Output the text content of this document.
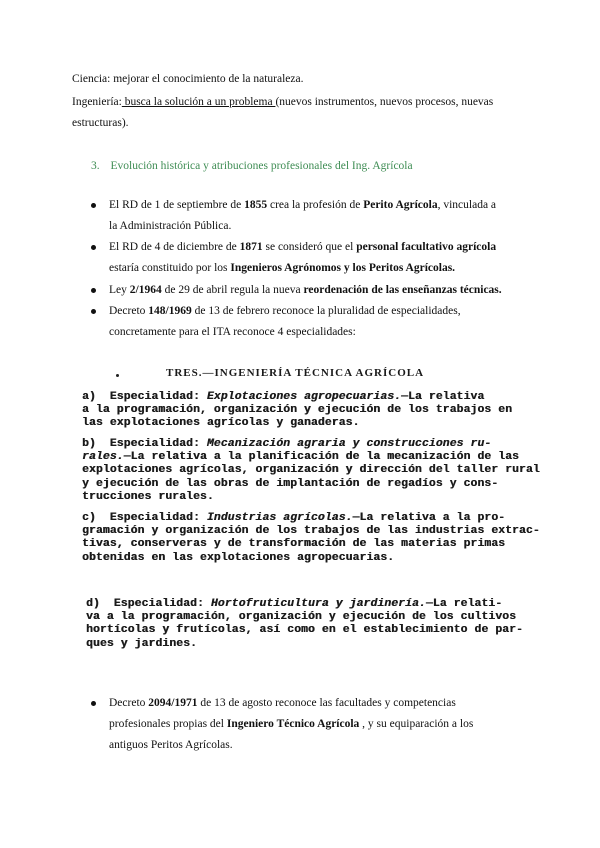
Ciencia: mejorar el conocimiento de la naturaleza.
Ingeniería: busca la solución a un problema (nuevos instrumentos, nuevos procesos, nuevas
estructuras).
3. Evolución histórica y atribuciones profesionales del Ing. Agrícola
El RD de 1 de septiembre de 1855 crea la profesión de Perito Agrícola, vinculada a
la Administración Pública.
El RD de 4 de diciembre de 1871 se consideró que el personal facultativo agrícola
estaría constituido por los Ingenieros Agrónomos y los Peritos Agrícolas.
Ley 2/1964 de 29 de abril regula la nueva reordenación de las enseñanzas técnicas.
Decreto 148/1969 de 13 de febrero reconoce la pluralidad de especialidades,
concretamente para el ITA reconoce 4 especialidades:
TRES.—INGENIERÍA TÉCNICA AGRÍCOLA
a)  Especialidad: Explotaciones agropecuarias.—La relativa
a la programación, organización y ejecución de los trabajos en
las explotaciones agrícolas y ganaderas.
b)  Especialidad: Mecanización agraria y construcciones ru-
rales.—La relativa a la planificación de la mecanización de las
explotaciones agrícolas, organización y dirección del taller rural
y ejecución de las obras de implantación de regadíos y cons-
trucciones rurales.
c)  Especialidad: Industrias agrícolas.—La relativa a la pro-
gramación y organización de los trabajos de las industrias extrac-
tivas, conserveras y de transformación de las materias primas
obtenidas en las explotaciones agropecuarias.
d)  Especialidad: Hortofruticultura y jardinería.—La relati-
va a la programación, organización y ejecución de los cultivos
hortícolas y frutícolas, así como en el establecimiento de par-
ques y jardines.
Decreto 2094/1971 de 13 de agosto reconoce las facultades y competencias
profesionales propias del Ingeniero Técnico Agrícola , y su equiparación a los
antiguos Peritos Agrícolas.
